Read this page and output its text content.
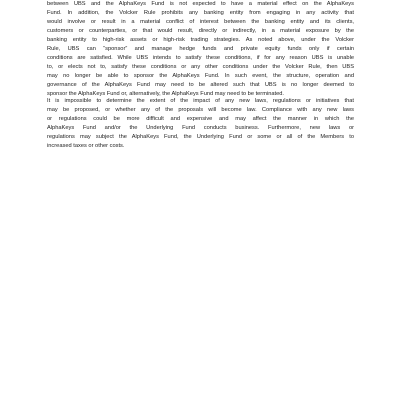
between UBS and the AlphaKeys Fund is not expected to have a material effect on the AlphaKeys
Fund. In addition, the Volcker Rule prohibits any banking entity from engaging in any activity that
would involve or result in a material conflict of interest between the banking entity and its clients,
customers or counterparties, or that would result, directly or indirectly, in a material exposure by the
banking entity to high-risk assets or high-risk trading strategies. As noted above, under the Volcker
Rule, UBS can “sponsor” and manage hedge funds and private equity funds only if certain
conditions are satisfied. While UBS intends to satisfy these conditions, if for any reason UBS is unable
to, or elects not to, satisfy these conditions or any other conditions under the Volcker Rule, then UBS
may no longer be able to sponsor the AlphaKeys Fund. In such event, the structure, operation and
governance of the AlphaKeys Fund may need to be altered such that UBS is no longer deemed to
sponsor the AlphaKeys Fund or, alternatively, the AlphaKeys Fund may need to be terminated.

It is impossible to determine the extent of the impact of any new laws, regulations or initiatives that
may be proposed, or whether any of the proposals will become law. Compliance with any new laws
or regulations could be more difficult and expensive and may affect the manner in which the
AlphaKeys Fund and/or the Underlying Fund conducts business. Furthermore, new laws or
regulations may subject the AlphaKeys Fund, the Underlying Fund or some or all of the Members to
increased taxes or other costs.
